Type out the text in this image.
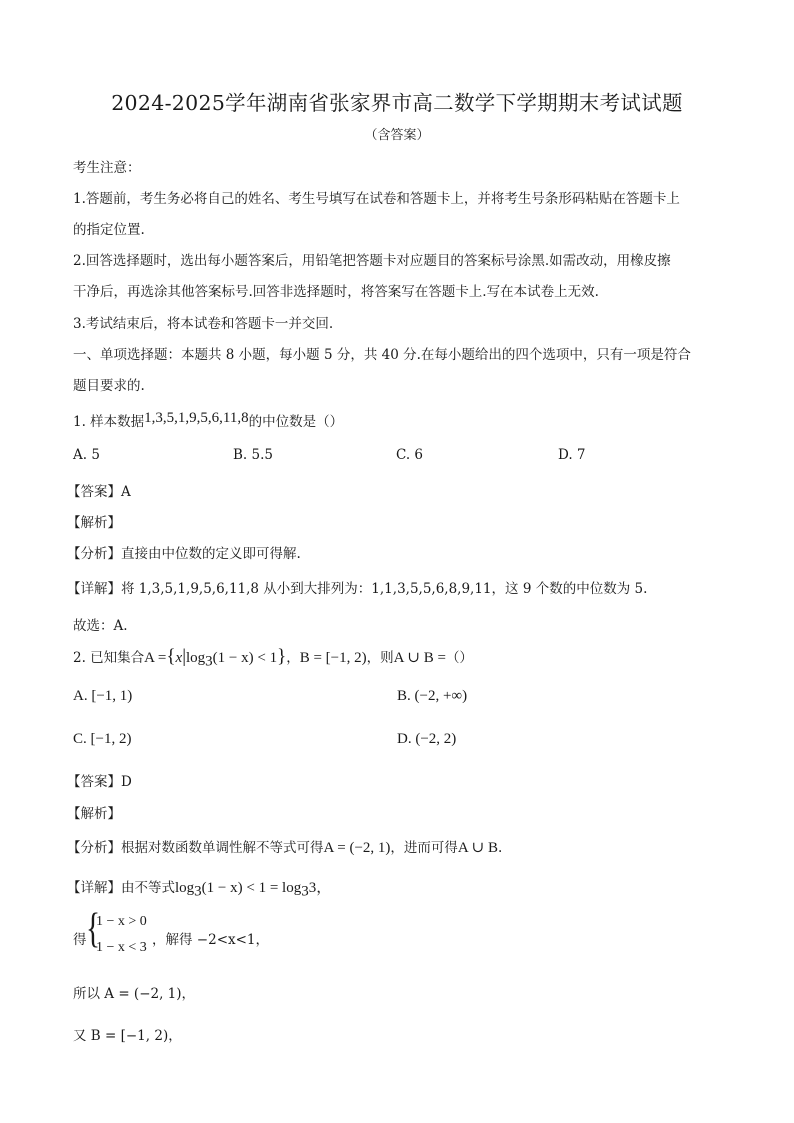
2024-2025学年湖南省张家界市高二数学下学期期末考试试题
（含答案）
考生注意：
1.答题前，考生务必将自己的姓名、考生号填写在试卷和答题卡上，并将考生号条形码粘贴在答题卡上
的指定位置.
2.回答选择题时，选出每小题答案后，用铅笔把答题卡对应题目的答案标号涂黑.如需改动，用橡皮擦
干净后，再选涂其他答案标号.回答非选择题时，将答案写在答题卡上.写在本试卷上无效.
3.考试结束后，将本试卷和答题卡一并交回.
一、单项选择题：本题共 8 小题，每小题 5 分，共 40 分.在每小题给出的四个选项中，只有一项是符合
题目要求的.
1. 样本数据1,3,5,1,9,5,6,11,8的中位数是（）
A. 5	B. 5.5	C. 6	D. 7
【答案】A
【解析】
【分析】直接由中位数的定义即可得解.
【详解】将 1,3,5,1,9,5,6,11,8 从小到大排列为：1,1,3,5,5,6,8,9,11，这 9 个数的中位数为 5.
故选：A.
2. 已知集合$A =\{x|\log_3(1 - x) < 1\}$，B = [−1, 2)，则A ∪ B =（）
A. [−1, 1)	B. (−2, +∞)
C. [−1, 2)	D. (−2, 2)
【答案】D
【解析】
【分析】根据对数函数单调性解不等式可得A = (−2, 1)，进而可得A ∪ B.
【详解】由不等式$\log_3(1 - x) < 1 = \log_33$，
得 {
1 − x > 0
1 − x < 3 ，解得 −2<x<1，
所以 A = (−2, 1)，
又 B = [−1, 2)，
